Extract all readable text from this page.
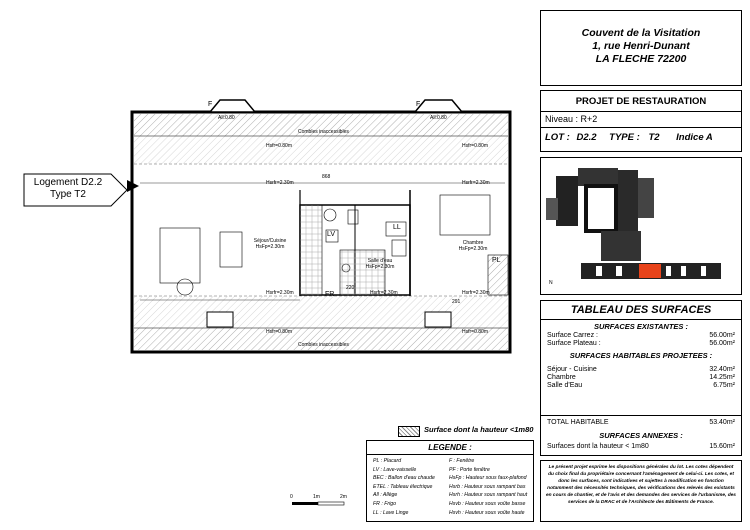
F	F
All:0.80	All:0.80
Combles inaccessibles
Hsfr=0.80m	Hsfr=0.80m
Hsrfr=2.30m	Hsrfr=2.30m
868
Séjour/Cuisine
HsFp=2.30m
Chambre
HsFp=2.30m
Salle d'eau
HsFp=2.30m
LV
LL
FR
PL
Hsrfr=2.30m	Hsrfr=2.30m
Hsrfr=2.30m
220
291
Hsfr=0.80m	Hsfr=0.80m
Combles inaccessibles
Logement D2.2
Type T2
Couvent de la Visitation
1, rue Henri-Dunant
LA FLECHE 72200
PROJET DE RESTAURATION
Niveau : R+2
LOT : D2.2 TYPE : T2 Indice A
N
TABLEAU DES SURFACES
SURFACES EXISTANTES :
Surface Carrez :	56.00m²
Surface Plateau :	56.00m²
SURFACES HABITABLES PROJETEES :
Séjour - Cuisine	32.40m²
Chambre	14.25m²
Salle d'Eau	6.75m²
TOTAL HABITABLE	53.40m²
SURFACES ANNEXES :
Surfaces dont la hauteur < 1m80	15.60m²
Le présent projet exprime les dispositions générales du lot. Les cotes dépendent du choix final du propriétaire concernant l'aménagement de celui-ci. Les cotes, et donc les surfaces, sont indicatives et sujettes à modification en fonction notamment des nécessités techniques, des vérifications des relevés des existants en cours de chantier, et de l'avis et des demandes des services de l'urbanisme, des services de la DRAC et de l'Architecte des Bâtiments de France.
Surface dont la hauteur <1m80
LEGENDE :
PL : Placard
LV : Lave-vaisselle
BEC : Ballon d'eau chaude
ETEL : Tableau électrique
All : Allège
FR : Frigo
LL : Lave Linge
F : Fenêtre
PF : Porte fenêtre
HsFp : Hauteur sous faux-plafond
Hsrb : Hauteur sous rampant bas
Hsrh : Hauteur sous rampant haut
Hsvb : Hauteur sous voûte basse
Hsvh : Hauteur sous voûte haute
0	1m	2m
